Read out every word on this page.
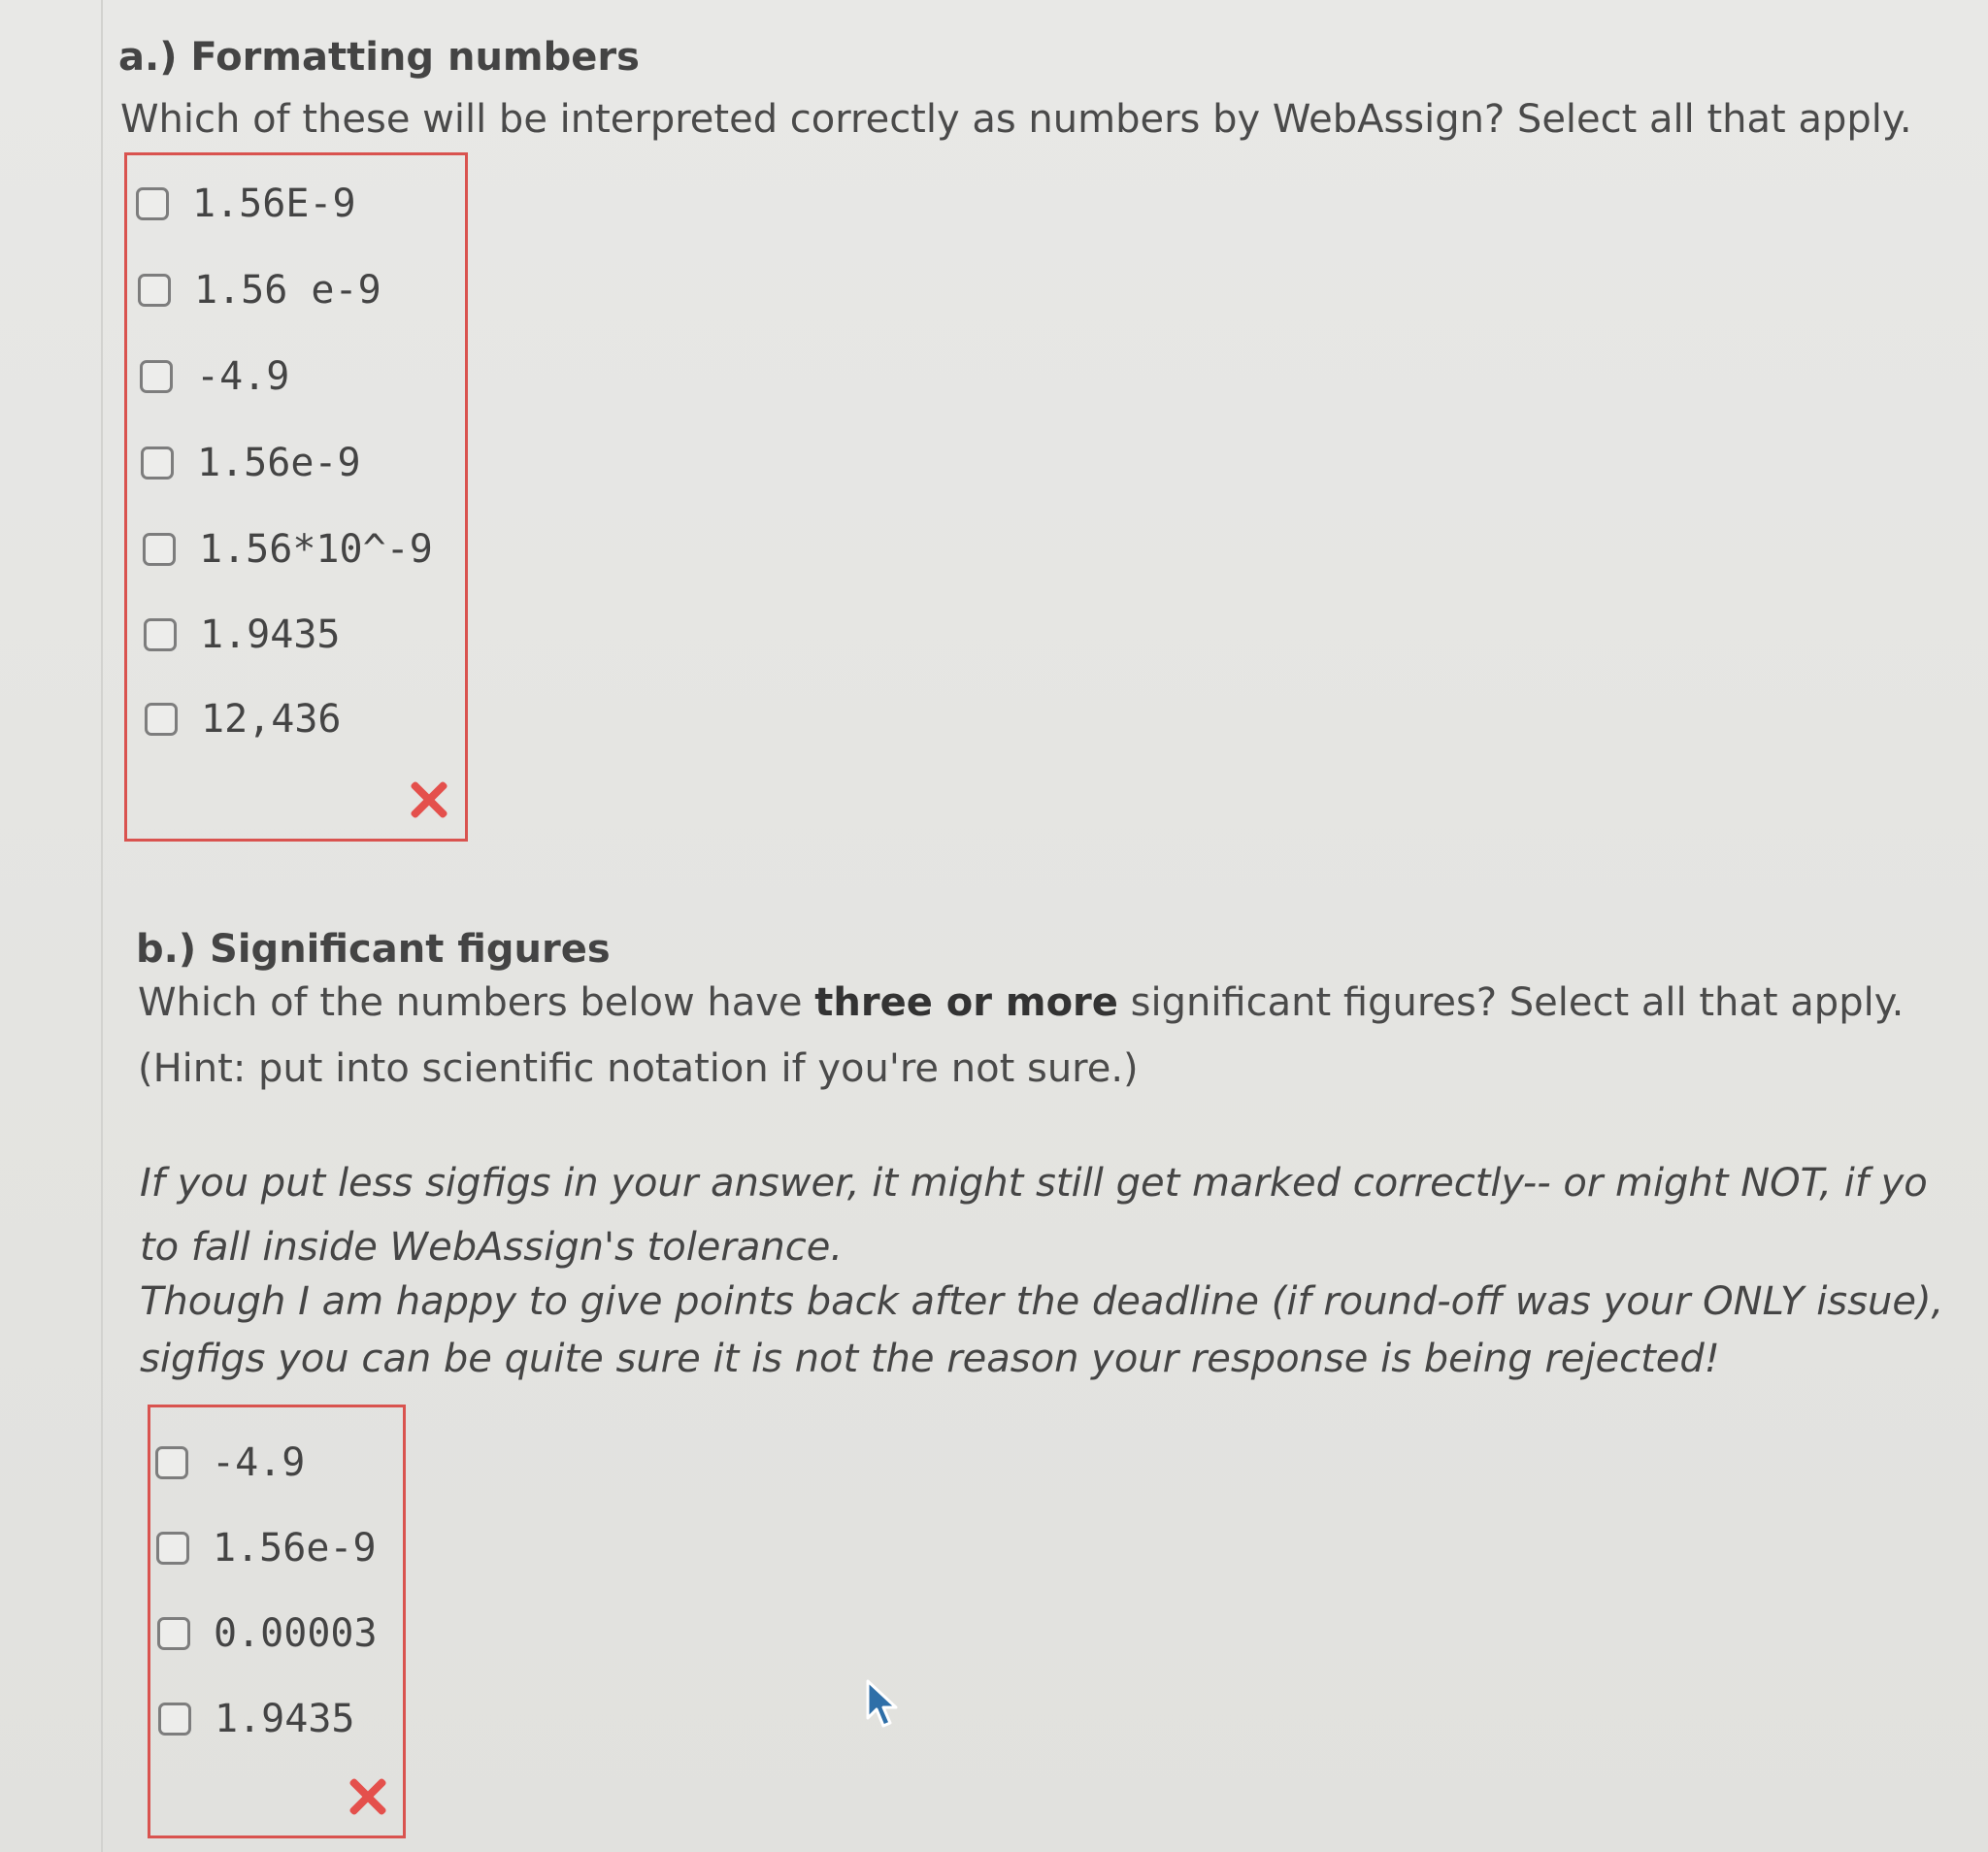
a.) Formatting numbers
Which of these will be interpreted correctly as numbers by WebAssign? Select all that apply.
1.56E-9
1.56 e-9
-4.9
1.56e-9
1.56*10^-9
1.9435
12,436
b.) Significant figures
Which of the numbers below have three or more significant figures? Select all that apply.
(Hint: put into scientific notation if you're not sure.)
If you put less sigfigs in your answer, it might still get marked correctly-- or might NOT, if yo
to fall inside WebAssign's tolerance.
Though I am happy to give points back after the deadline (if round-off was your ONLY issue),
sigfigs you can be quite sure it is not the reason your response is being rejected!
-4.9
1.56e-9
0.00003
1.9435
